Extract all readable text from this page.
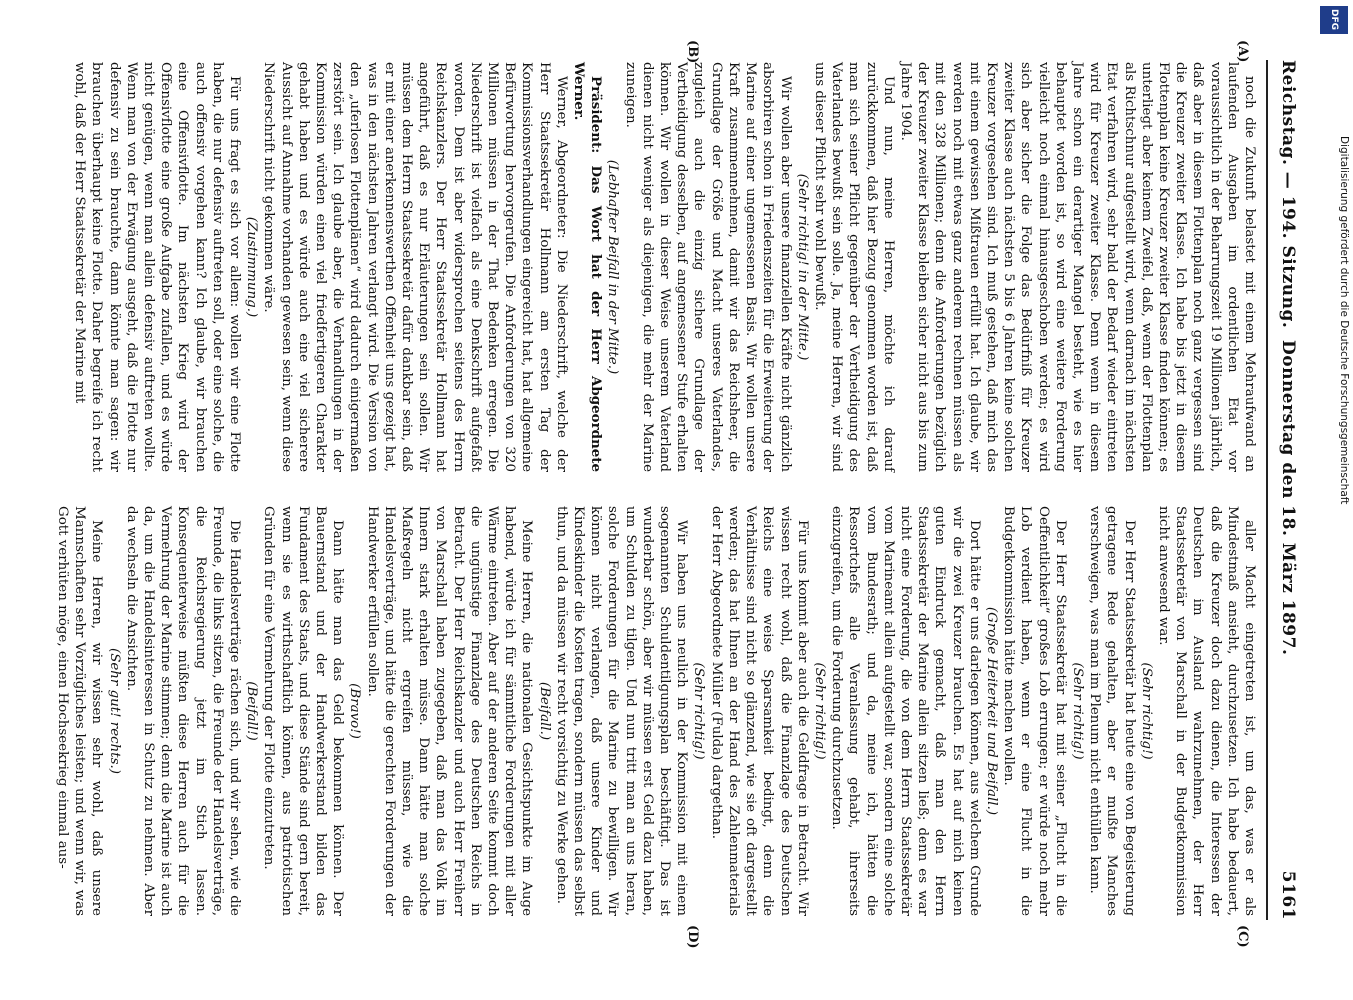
Reichstag. — 194. Sitzung.
Donnerstag den 18. März 1897.
5161
(A)
(B)
(C)
(D)

noch die Zukunft belastet mit einem Mehraufwand an laufenden Ausgaben im ordentlichen Etat vor voraussichtlich in der Beharrungszeit 19 Millionen jährlich, daß aber in diesem Flottenplan noch ganz vergessen sind die Kreuzer zweiter Klasse. Ich habe bis jetzt in diesem Flottenplan keine Kreuzer zweiter Klasse finden können; es unterliegt aber keinem Zweifel, daß, wenn der Flottenplan als Richtschnur aufgestellt wird, wenn darnach im nächsten Etat verfahren wird, sehr bald der Bedarf wieder eintreten wird für Kreuzer zweiter Klasse. Denn wenn in diesem Jahre schon ein derartiger Mangel besteht, wie es hier behauptet worden ist, so wird eine weitere Forderung vielleicht noch einmal hinausgeschoben werden; es wird sich aber sicher die Folge das Bedürfniß für Kreuzer zweiter Klasse auch nächsten 5 bis 6 Jahren keine solchen Kreuzer vorgesehen sind. Ich muß gestehen, daß mich das mit einem gewissen Mißtrauen erfüllt hat. Ich glaube, wir werden noch mit etwas ganz anderem rechnen müssen als mit den 328 Millionen; denn die Anforderungen bezüglich der Kreuzer zweiter Klasse bleiben sicher nicht aus bis zum Jahre 1904.

Und nun, meine Herren, möchte ich darauf zurückkommen, daß hier Bezug genommen worden ist, daß man sich seiner Pflicht gegenüber der Vertheidigung des Vaterlandes bewußt sein solle. Ja, meine Herren, wir sind uns dieser Pflicht sehr wohl bewußt.

(Sehr richtig! in der Mitte.)

Wir wollen aber unsere finanziellen Kräfte nicht gänzlich absorbiren schon in Friedenszeiten für die Erweiterung der Marine auf einer ungemessenen Basis. Wir wollen unsere Kraft zusammennehmen, damit wir das Reichsheer, die Grundlage der Größe und Macht unseres Vaterlandes, zugleich auch die einzig sichere Grundlage der Vertheidigung desselben, auf angemessener Stufe erhalten können. Wir wollen in dieser Weise unserem Vaterland dienen nicht weniger als diejenigen, die mehr der Marine zuneigen.

(Lebhafter Beifall in der Mitte.)

Präsident: Das Wort hat der Herr Abgeordnete Werner.

Werner, Abgeordneter: Die Niederschrift, welche der Herr Staatssekretär Hollmann am ersten Tag der Kommissionsverhandlungen eingereicht hat, hat allgemeine Befürwortung hervorgerufen. Die Anforderungen von 320 Millionen müssen in der That Bedenken erregen. Die Niederschrift ist vielfach als eine Denkschrift aufgefaßt worden. Dem ist aber widersprochen seitens des Herrn Reichskanzlers. Der Herr Staatssekretär Hollmann hat angeführt, daß es nur Erläuterungen sein sollen. Wir müssen dem Herrn Staatssekretär dafür dankbar sein, daß er mit einer anerkennenswerthen Offenheit uns gezeigt hat, was in den nächsten Jahren verlangt wird. Die Version von den „uferlosen Flottenplänen“ wird dadurch einigermaßen zerstört sein. Ich glaube aber, die Verhandlungen in der Kommission würden einen viel friedfertigeren Charakter gehabt haben und es würde auch eine viel sicherere Aussicht auf Annahme vorhanden gewesen sein, wenn diese Niederschrift nicht gekommen wäre.

(Zustimmung.)

Für uns fragt es sich vor allem: wollen wir eine Flotte haben, die nur defensiv auftreten soll, oder eine solche, die auch offensiv vorgehen kann? Ich glaube, wir brauchen eine Offensivflotte. Im nächsten Krieg wird der Offensivflotte eine große Aufgabe zufallen, und es würde nicht genügen, wenn man allein defensiv auftreten wollte. Wenn man von der Erwägung ausgeht, daß die Flotte nur defensiv zu sein brauchte, dann könnte man sagen: wir brauchen überhaupt keine Flotte. Daher begreife ich recht wohl, daß der Herr Staatssekretär der Marine mit

aller Macht eingetreten ist, um das, was er als Mindestmaß ansieht, durchzusetzen. Ich habe bedauert, daß die Kreuzer doch dazu dienen, die Interessen der Deutschen im Ausland wahrzunehmen, der Herr Staatssekretär von Marschall in der Budgetkommission nicht anwesend war.

(Sehr richtig!)

Der Herr Staatssekretär hat heute eine von Begeisterung getragene Rede gehalten, aber er mußte Manches verschweigen, was man im Plenum nicht enthüllen kann.

(Sehr richtig!)

Der Herr Staatssekretär hat mit seiner „Flucht in die Oeffentlichkeit“ großes Lob errungen; er würde noch mehr Lob verdient haben, wenn er eine Flucht in die Budgetkommission hätte machen wollen.

(Große Heiterkeit und Beifall.)

Dort hätte er uns darlegen können, aus welchem Grunde wir die zwei Kreuzer brauchen. Es hat auf mich keinen guten Eindruck gemacht, daß man den Herrn Staatssekretär der Marine allein sitzen ließ; denn es war nicht eine Forderung, die von dem Herrn Staatssekretär vom Marineamt allein aufgestellt war, sondern eine solche vom Bundesrath; und da, meine ich, hätten die Ressortchefs alle Veranlassung gehabt, ihrerseits einzugreifen, um die Forderung durchzusetzen.

(Sehr richtig!)

Für uns kommt aber auch die Geldfrage in Betracht. Wir wissen recht wohl, daß die Finanzlage des Deutschen Reichs eine weise Sparsamkeit bedingt, denn die Verhältnisse sind nicht so glänzend, wie sie oft dargestellt werden; das hat Ihnen an der Hand des Zahlenmaterials der Herr Abgeordnete Müller (Fulda) dargethan.

(Sehr richtig!)

Wir haben uns neulich in der Kommission mit einem sogenannten Schuldentilgungsplan beschäftigt. Das ist wunderbar schön, aber wir müssen erst Geld dazu haben, um Schulden zu tilgen. Und nun tritt man an uns heran, solche Forderungen für die Marine zu bewilligen. Wir können nicht verlangen, daß unsere Kinder und Kindeskinder die Kosten tragen, sondern müssen das selbst thun, und da müssen wir recht vorsichtig zu Werke gehen.

(Beifall.)

Meine Herren, die nationalen Gesichtspunkte im Auge habend, würde ich für sämmtliche Forderungen mit aller Wärme eintreten. Aber auf der anderen Seite kommt doch die ungünstige Finanzlage des Deutschen Reichs in Betracht. Der Herr Reichskanzler und auch Herr Freiherr von Marschall haben zugegeben, daß man das Volk im Innern stark erhalten müsse. Dann hätte man solche Maßregeln nicht ergreifen müssen, wie die Handelsverträge, und hätte die gerechten Forderungen der Handwerker erfüllen sollen.

(Bravo!)

Dann hätte man das Geld bekommen können. Der Bauernstand und der Handwerkerstand bilden das Fundament des Staats, und diese Stände sind gern bereit, wenn sie es wirthschaftlich können, aus patriotischen Gründen für eine Vermehrung der Flotte einzutreten.

(Beifall!)

Die Handelsverträge rächen sich, und wir sehen, wie die Freunde, die links sitzen, die Freunde der Handelsverträge, die Reichsregierung jetzt im Stich lassen. Konsequenterweise müßten diese Herren auch für die Vermehrung der Marine stimmen; denn die Marine ist auch da, um die Handelsinteressen in Schutz zu nehmen. Aber da wechseln die Ansichten.

(Sehr gut! rechts.)

Meine Herren, wir wissen sehr wohl, daß unsere Mannschaften sehr Vorzügliches leisten; und wenn wir, was Gott verhüten möge, einen Hochseekrieg einmal aus-

DFG
Digitalisierung gefördert durch die Deutsche Forschungsgemeinschaft
